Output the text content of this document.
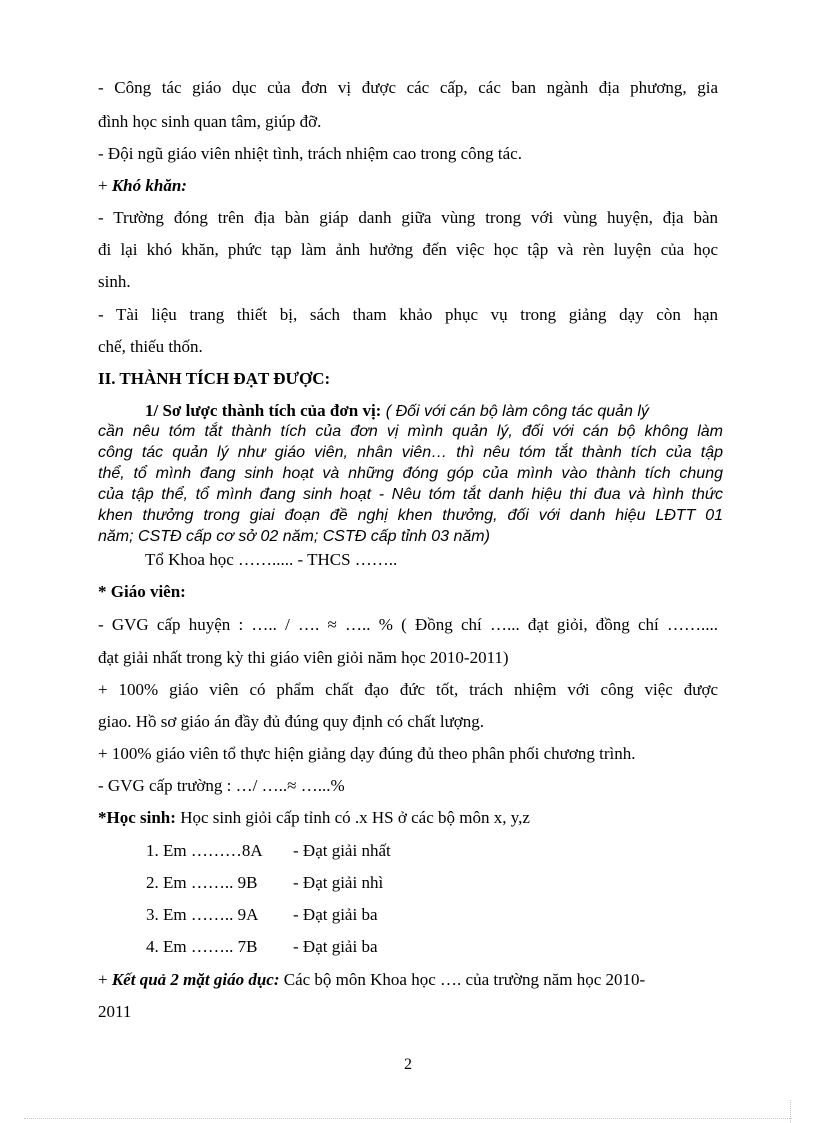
- Công tác giáo dục của đơn vị được các cấp, các ban ngành địa phương, gia
đình học sinh quan tâm, giúp đỡ.
- Đội ngũ giáo viên nhiệt tình, trách nhiệm cao trong công tác.
+ Khó khăn:
- Trường đóng trên địa bàn giáp danh giữa vùng trong với vùng huyện, địa bàn
đi lại khó khăn, phức tạp làm ảnh hưởng đến việc học tập và rèn luyện của học
sinh.
- Tài liệu trang thiết bị, sách tham khảo phục vụ trong giảng dạy còn hạn
chế, thiếu thốn.
II. THÀNH TÍCH ĐẠT ĐƯỢC:
1/ Sơ lược thành tích của đơn vị: ( Đối với cán bộ làm công tác quản lý
cần nêu tóm tắt thành tích của đơn vị mình quản lý, đối với cán bộ không làm
công tác quản lý như giáo viên, nhân viên… thì nêu tóm tắt thành tích của tập
thể, tổ mình đang sinh hoạt và những đóng góp của mình vào thành tích chung
của tập thể, tổ mình đang sinh hoạt - Nêu tóm tắt danh hiệu thi đua và hình thức
khen thưởng trong giai đoạn đề nghị khen thưởng, đối với danh hiệu LĐTT 01
năm; CSTĐ cấp cơ sở 02 năm; CSTĐ cấp tỉnh 03 năm)
Tổ Khoa học ……..... - THCS ……..
* Giáo viên:
- GVG cấp huyện : ….. / …. ≈ ….. % ( Đồng chí …... đạt giỏi, đồng chí ……....
đạt giải nhất trong kỳ thi giáo viên giỏi năm học 2010-2011)
+ 100% giáo viên có phẩm chất đạo đức tốt, trách nhiệm với công việc được
giao. Hồ sơ giáo án đầy đủ đúng quy định có chất lượng.
+ 100% giáo viên tổ thực hiện giảng dạy đúng đủ theo phân phối chương trình.
- GVG cấp trường : …/ …..≈ …...%
*Học sinh: Học sinh giỏi cấp tỉnh có .x HS ở các bộ môn x, y,z
1. Em ………8A - Đạt giải nhất
2. Em …….. 9B - Đạt giải nhì
3. Em …….. 9A - Đạt giải ba
4. Em …….. 7B - Đạt giải ba
+ Kết quả 2 mặt giáo dục: Các bộ môn Khoa học …. của trường năm học 2010-
2011
2
